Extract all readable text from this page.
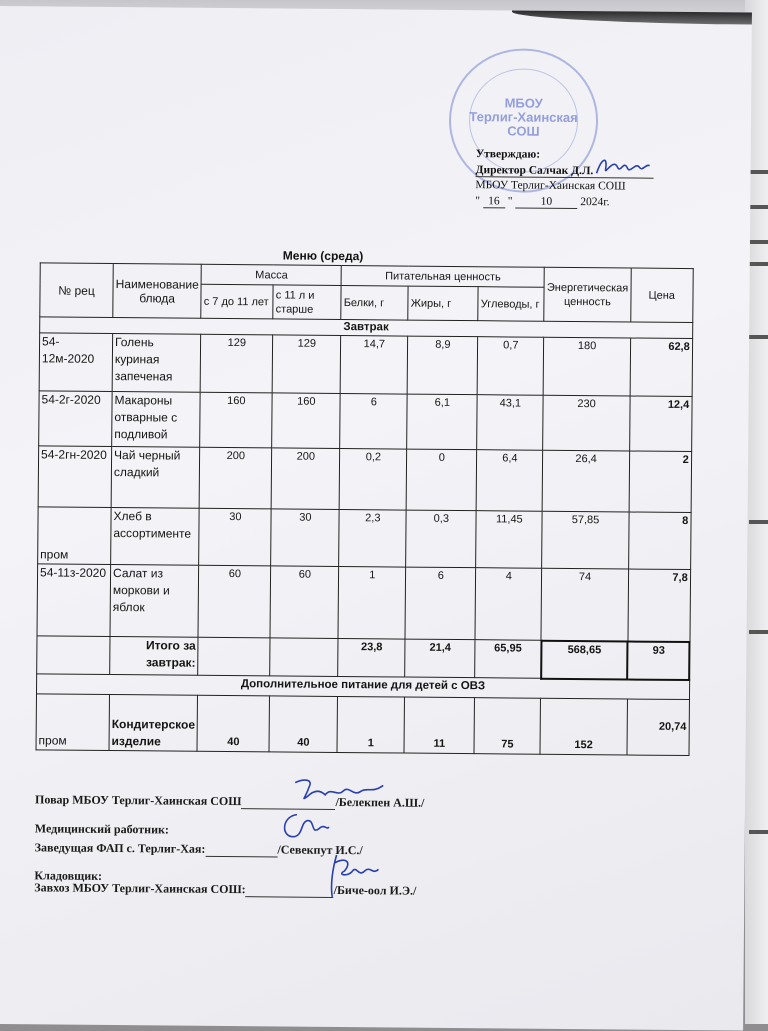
МБОУ
Терлиг-Хаинская
СОШ
Утверждаю:
Директор Салчак Д.Л.
МБОУ Терлиг-Хаинская СОШ
" 16 " 10 2024г.
Меню (среда)
№ рец	Наименование блюда	Масса		Питательная ценность			Энергетическая ценность	Цена
		с 7 до 11 лет	с 11 л и старше	Белки, г	Жиры, г	Углеводы, г		
Завтрак								
54-12м-2020	Голень куриная запеченая	129	129	14,7	8,9	0,7	180	62,8
54-2г-2020	Макароны отварные с подливой	160	160	6	6,1	43,1	230	12,4
54-2гн-2020	Чай черный сладкий	200	200	0,2	0	6,4	26,4	2
пром	Хлеб в ассортименте	30	30	2,3	0,3	11,45	57,85	8
54-11з-2020	Салат из моркови и яблок	60	60	1	6	4	74	7,8
	Итого за завтрак:			23,8	21,4	65,95	568,65	93
Дополнительное питание для детей с ОВЗ								
пром	Кондитерское изделие	40	40	1	11	75	152	20,74
Повар МБОУ Терлиг-Хаинская СОШ	/Белекпен А.Ш./
Медицинский работник:
Заведущая ФАП с. Терлиг-Хая:	/Севекпут И.С./
Кладовщик:
Завхоз МБОУ Терлиг-Хаинская СОШ:	/Биче-оол И.Э./
